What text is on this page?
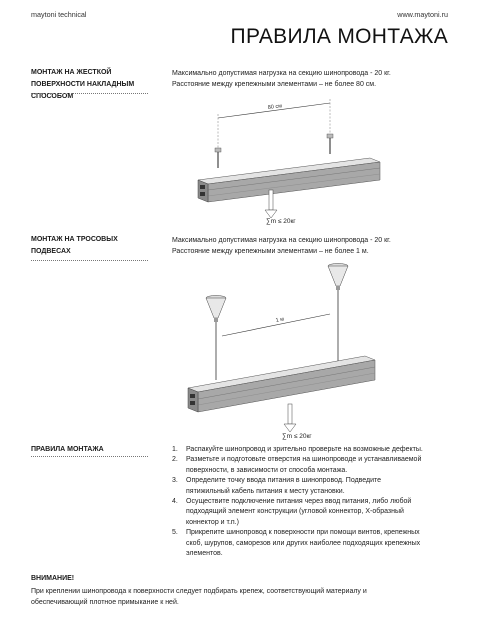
maytoni technical	www.maytoni.ru
ПРАВИЛА МОНТАЖА
МОНТАЖ НА ЖЕСТКОЙ
ПОВЕРХНОСТИ НАКЛАДНЫМ
СПОСОБОМ
Максимально допустимая нагрузка на секцию шинопровода - 20 кг.
Расстояние между крепежными элементами – не более 80 см.
80 см
∑m ≤ 20кг
МОНТАЖ НА ТРОСОВЫХ
ПОДВЕСАХ
Максимально допустимая нагрузка на секцию шинопровода - 20 кг.
Расстояние между крепежными элементами – не более 1 м.
1 м
∑m ≤ 20кг
ПРАВИЛА МОНТАЖА	1. Распакуйте шинопровод и зрительно проверьте на возможные дефекты.
2. Разметьте и подготовьте отверстия на шинопроводе и устанавливаемой
поверхности, в зависимости от способа монтажа.
3. Определите точку ввода питания в шинопровод. Подведите
пятижильный кабель питания к месту установки.
4. Осуществите подключение питания через ввод питания, либо любой
подходящий элемент конструкции (угловой коннектор, Х-образный
коннектор и т.п.)
5. Прикрепите шинопровод к поверхности при помощи винтов, крепежных
скоб, шурупов, саморезов или других наиболее подходящих крепежных
элементов.
ВНИМАНИЕ!
При креплении шинопровода к поверхности следует подбирать крепеж, соответствующий материалу и
обеспечивающий плотное примыкание к ней.
